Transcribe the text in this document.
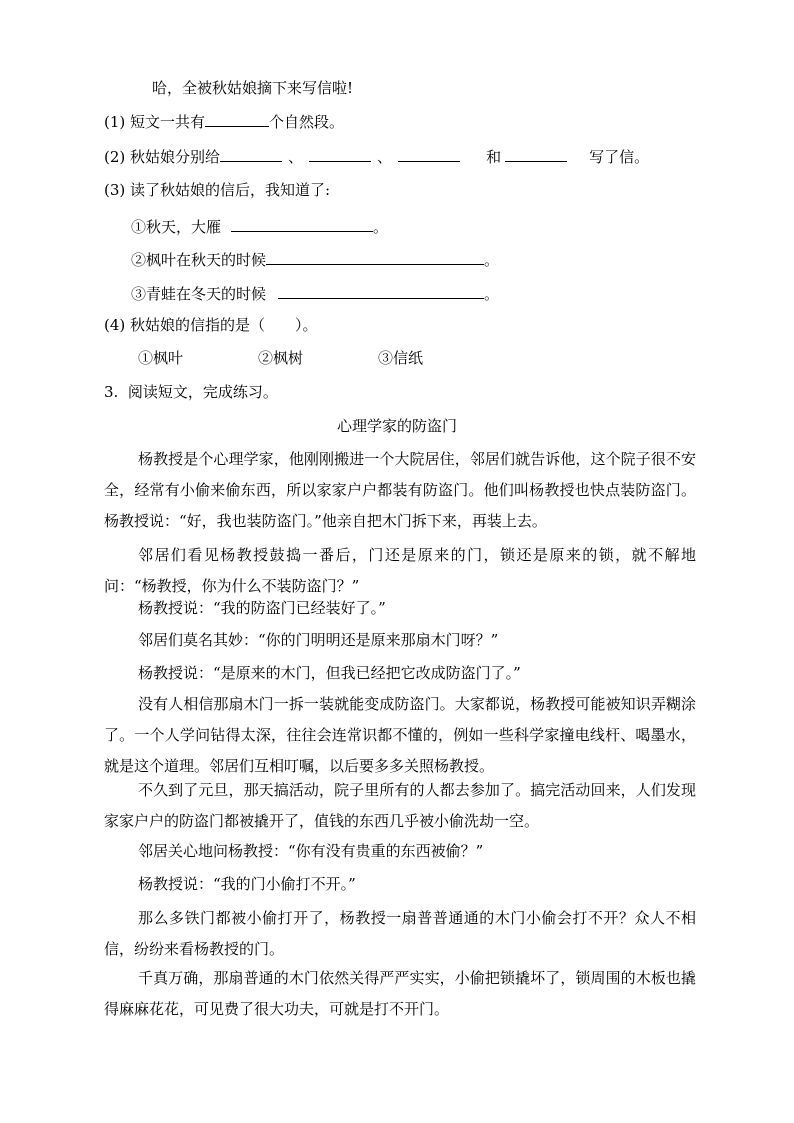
哈，全被秋姑娘摘下来写信啦!
(1) 短文一共有	个自然段。
(2) 秋姑娘分别给	、	、	和	写了信。
(3) 读了秋姑娘的信后，我知道了:
①秋天，大雁	。
②枫叶在秋天的时候	。
③青蛙在冬天的时候	。
(4) 秋姑娘的信指的是（　　）。
①枫叶	②枫树	③信纸
3.  阅读短文，完成练习。
心理学家的防盗门
杨教授是个心理学家，他刚刚搬进一个大院居住，邻居们就告诉他，这个院子很不安全，经常有小偷来偷东西，所以家家户户都装有防盗门。他们叫杨教授也快点装防盗门。杨教授说：“好，我也装防盗门。”他亲自把木门拆下来，再装上去。
邻居们看见杨教授鼓捣一番后，门还是原来的门，锁还是原来的锁，就不解地问：“杨教授，你为什么不装防盗门？”
杨教授说：“我的防盗门已经装好了。”
邻居们莫名其妙：“你的门明明还是原来那扇木门呀？”
杨教授说：“是原来的木门，但我已经把它改成防盗门了。”
没有人相信那扇木门一拆一装就能变成防盗门。大家都说，杨教授可能被知识弄糊涂了。一个人学问钻得太深，往往会连常识都不懂的，例如一些科学家撞电线杆、喝墨水，就是这个道理。邻居们互相叮嘱，以后要多多关照杨教授。
不久到了元旦，那天搞活动，院子里所有的人都去参加了。搞完活动回来，人们发现家家户户的防盗门都被撬开了，值钱的东西几乎被小偷洗劫一空。
邻居关心地问杨教授：“你有没有贵重的东西被偷？”
杨教授说：“我的门小偷打不开。”
那么多铁门都被小偷打开了，杨教授一扇普普通通的木门小偷会打不开？众人不相信，纷纷来看杨教授的门。
千真万确，那扇普通的木门依然关得严严实实，小偷把锁撬坏了，锁周围的木板也撬得麻麻花花，可见费了很大功夫，可就是打不开门。
